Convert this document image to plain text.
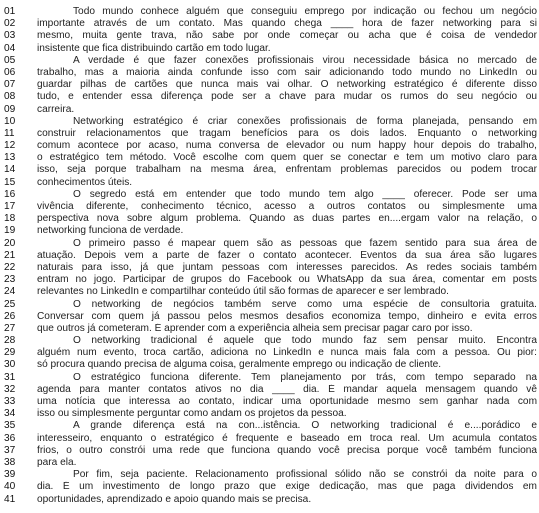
01	Todo mundo conhece alguém que conseguiu emprego por indicação ou fechou um negócio
02	importante através de um contato. Mas quando chega ____ hora de fazer networking para si
03	mesmo, muita gente trava, não sabe por onde começar ou acha que é coisa de vendedor
04	insistente que fica distribuindo cartão em todo lugar.
05	A verdade é que fazer conexões profissionais virou necessidade básica no mercado de
06	trabalho, mas a maioria ainda confunde isso com sair adicionando todo mundo no LinkedIn ou
07	guardar pilhas de cartões que nunca mais vai olhar. O networking estratégico é diferente disso
08	tudo, e entender essa diferença pode ser a chave para mudar os rumos do seu negócio ou
09	carreira.
10	Networking estratégico é criar conexões profissionais de forma planejada, pensando em
11	construir relacionamentos que tragam benefícios para os dois lados. Enquanto o networking
12	comum acontece por acaso, numa conversa de elevador ou num happy hour depois do trabalho,
13	o estratégico tem método. Você escolhe com quem quer se conectar e tem um motivo claro para
14	isso, seja porque trabalham na mesma área, enfrentam problemas parecidos ou podem trocar
15	conhecimentos úteis.
16	O segredo está em entender que todo mundo tem algo ____ oferecer. Pode ser uma
17	vivência diferente, conhecimento técnico, acesso a outros contatos ou simplesmente uma
18	perspectiva nova sobre algum problema. Quando as duas partes en....ergam valor na relação, o
19	networking funciona de verdade.
20	O primeiro passo é mapear quem são as pessoas que fazem sentido para sua área de
21	atuação. Depois vem a parte de fazer o contato acontecer. Eventos da sua área são lugares
22	naturais para isso, já que juntam pessoas com interesses parecidos. As redes sociais também
23	entram no jogo. Participar de grupos do Facebook ou WhatsApp da sua área, comentar em posts
24	relevantes no LinkedIn e compartilhar conteúdo útil são formas de aparecer e ser lembrado.
25	O networking de negócios também serve como uma espécie de consultoria gratuita.
26	Conversar com quem já passou pelos mesmos desafios economiza tempo, dinheiro e evita erros
27	que outros já cometeram. É aprender com a experiência alheia sem precisar pagar caro por isso.
28	O networking tradicional é aquele que todo mundo faz sem pensar muito. Encontra
29	alguém num evento, troca cartão, adiciona no LinkedIn e nunca mais fala com a pessoa. Ou pior:
30	só procura quando precisa de alguma coisa, geralmente emprego ou indicação de cliente.
31	O estratégico funciona diferente. Tem planejamento por trás, com tempo separado na
32	agenda para manter contatos ativos no dia ____ dia. É mandar aquela mensagem quando vê
33	uma notícia que interessa ao contato, indicar uma oportunidade mesmo sem ganhar nada com
34	isso ou simplesmente perguntar como andam os projetos da pessoa.
35	A grande diferença está na con...istência. O networking tradicional é e....porádico e
36	interesseiro, enquanto o estratégico é frequente e baseado em troca real. Um acumula contatos
37	frios, o outro constrói uma rede que funciona quando você precisa porque você também funciona
38	para ela.
39	Por fim, seja paciente. Relacionamento profissional sólido não se constrói da noite para o
40	dia. É um investimento de longo prazo que exige dedicação, mas que paga dividendos em
41	oportunidades, aprendizado e apoio quando mais se precisa.
